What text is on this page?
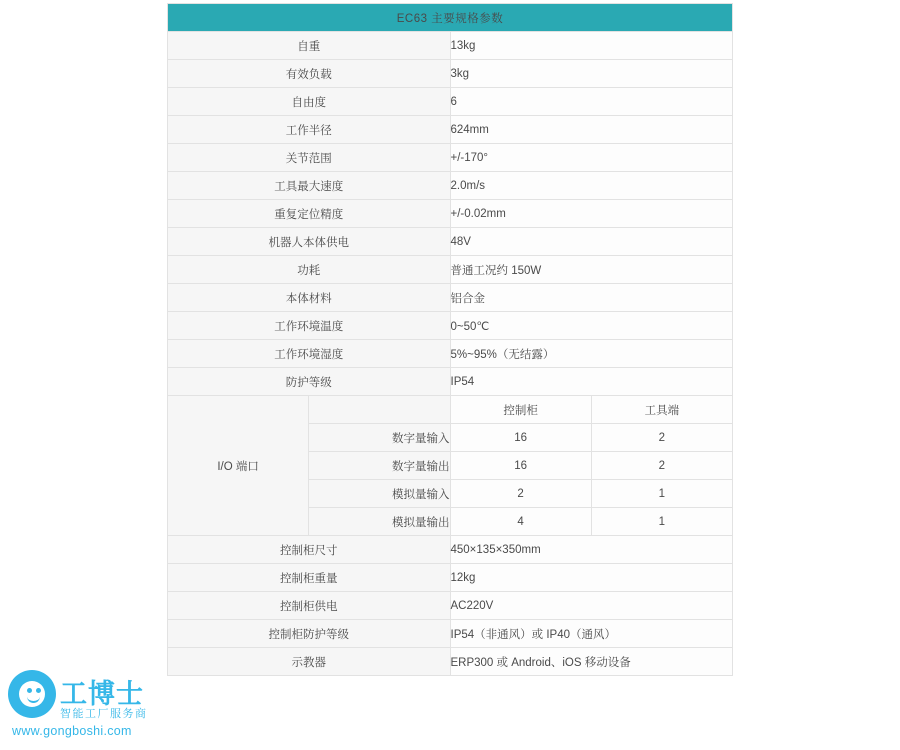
EC63 主要规格参数			
自重		13kg	
有效负载		3kg	
自由度		6	
工作半径		624mm	
关节范围		+/-170°	
工具最大速度		2.0m/s	
重复定位精度		+/-0.02mm	
机器人本体供电		48V	
功耗		普通工况约 150W	
本体材料		铝合金	
工作环境温度		0~50℃	
工作环境湿度		5%~95%（无结露）	
防护等级		IP54	
I/O 端口		控制柜	工具端
	数字量输入	16	2
	数字量输出	16	2
	模拟量输入	2	1
	模拟量输出	4	1
控制柜尺寸		450×135×350mm	
控制柜重量		12kg	
控制柜供电		AC220V	
控制柜防护等级		IP54（非通风）或 IP40（通风）	
示教器		ERP300 或 Android、iOS 移动设备	
工博士
智能工厂服务商
www.gongboshi.com
